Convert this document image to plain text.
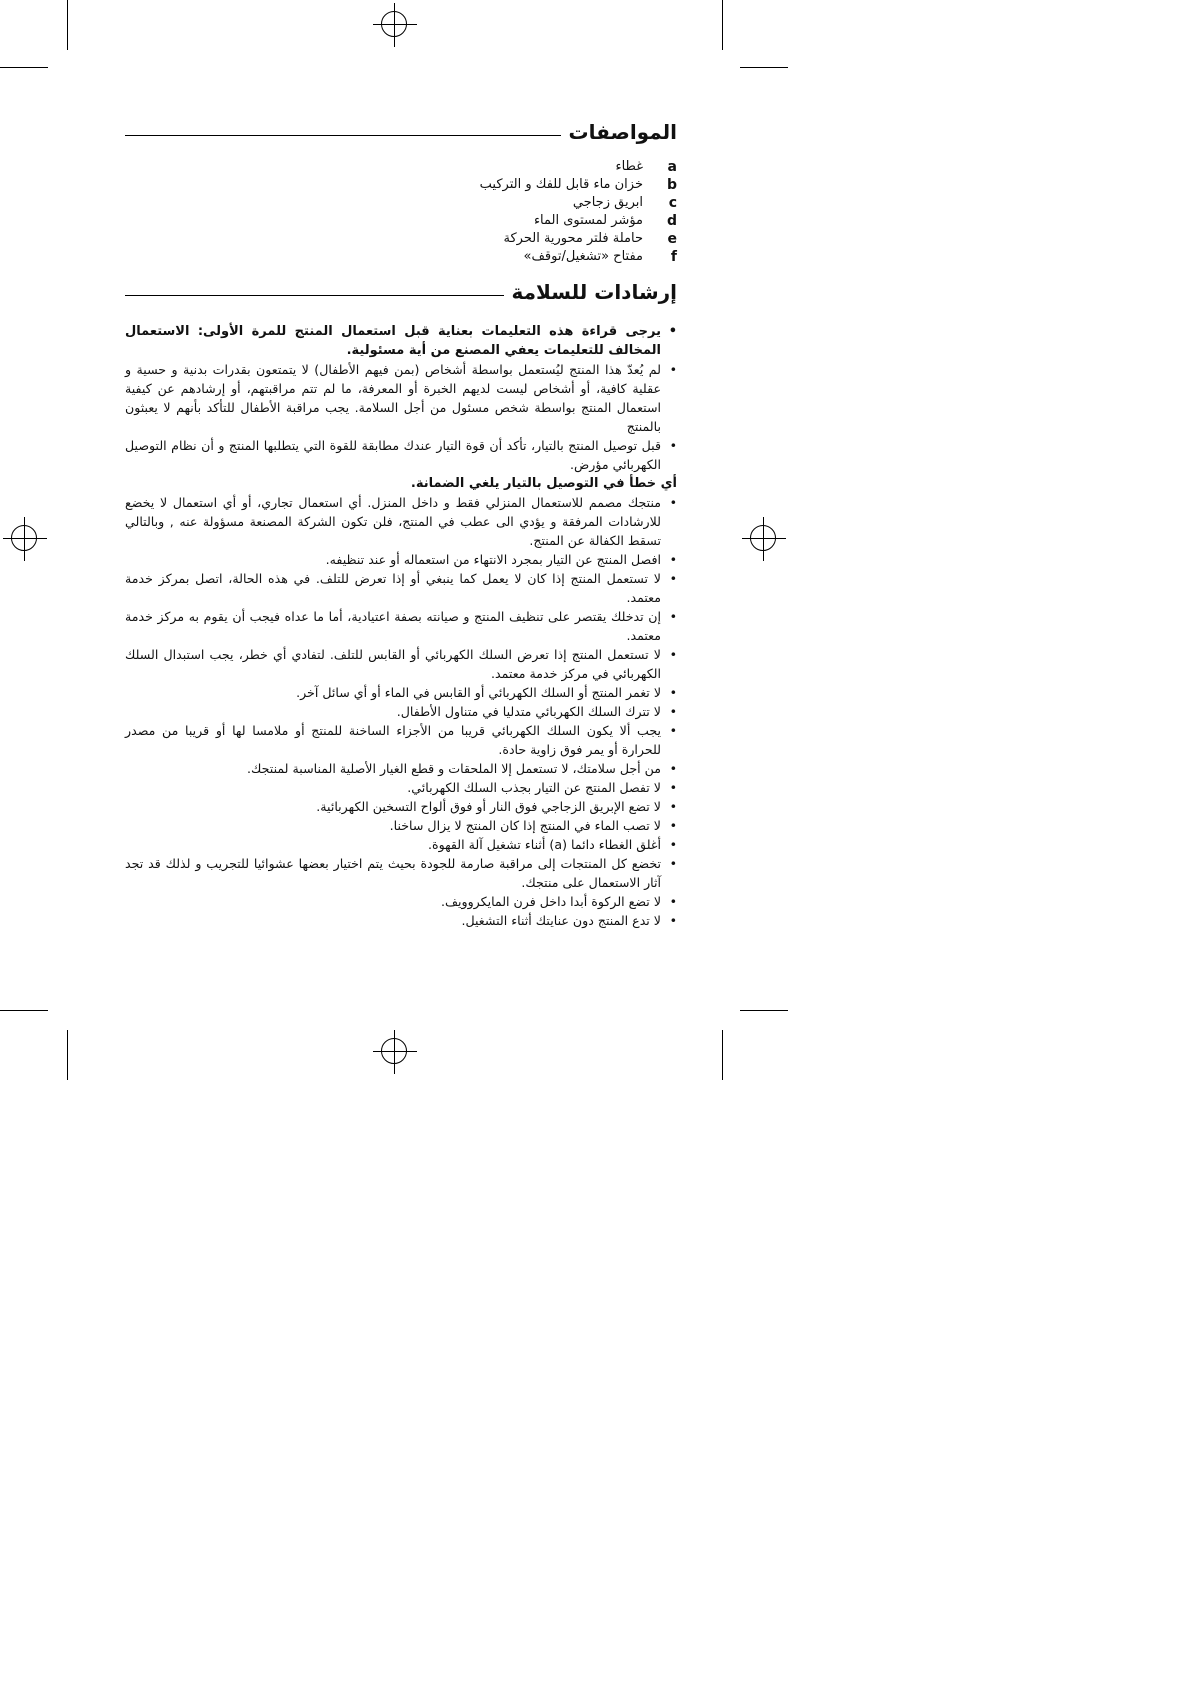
المواصفات
a
غطاء
b
خزان ماء قابل للفك و التركيب
c
ابريق زجاجي
d
مؤشر لمستوى الماء
e
حاملة فلتر محورية الحركة
f
مفتاح «تشغيل/توقف»
إرشادات للسلامة
• يرجى قراءة هذه التعليمات بعناية قبل استعمال المنتج للمرة الأولى: الاستعمال المخالف للتعليمات يعفي المصنع من أية مسئولية.
• لم يُعدّ هذا المنتج ليُستعمل بواسطة أشخاص (بمن فيهم الأطفال) لا يتمتعون بقدرات بدنية و حسية و عقلية كافية، أو أشخاص ليست لديهم الخبرة أو المعرفة، ما لم تتم مراقبتهم، أو إرشادهم عن كيفية استعمال المنتج بواسطة شخص مسئول من أجل السلامة. يجب مراقبة الأطفال للتأكد بأنهم لا يعبثون بالمنتج
• قبل توصيل المنتج بالتيار، تأكد أن قوة التيار عندك مطابقة للقوة التي يتطلبها المنتج و أن نظام التوصيل الكهربائي مؤرض.
أي خطأ في التوصيل بالتيار يلغي الضمانة.
• منتجك مصمم للاستعمال المنزلي فقط و داخل المنزل. أي استعمال تجاري، أو أي استعمال لا يخضع للارشادات المرفقة و يؤدي الى عطب في المنتج، فلن تكون الشركة المصنعة مسؤولة عنه , وبالتالي تسقط الكفالة عن المنتج.
• افصل المنتج عن التيار بمجرد الانتهاء من استعماله أو عند تنظيفه.
• لا تستعمل المنتج إذا كان لا يعمل كما ينبغي أو إذا تعرض للتلف. في هذه الحالة، اتصل بمركز خدمة معتمد.
• إن تدخلك يقتصر على تنظيف المنتج و صيانته بصفة اعتيادية، أما ما عداه فيجب أن يقوم به مركز خدمة معتمد.
• لا تستعمل المنتج إذا تعرض السلك الكهربائي أو القابس للتلف. لتفادي أي خطر، يجب استبدال السلك الكهربائي في مركز خدمة معتمد.
• لا تغمر المنتج أو السلك الكهربائي أو القابس في الماء أو أي سائل آخر.
• لا تترك السلك الكهربائي متدليا في متناول الأطفال.
• يجب ألا يكون السلك الكهربائي قريبا من الأجزاء الساخنة للمنتج أو ملامسا لها أو قريبا من مصدر للحرارة أو يمر فوق زاوية حادة.
• من أجل سلامتك، لا تستعمل إلا الملحقات و قطع الغيار الأصلية المناسبة لمنتجك.
• لا تفصل المنتج عن التيار بجذب السلك الكهربائي.
• لا تضع الإبريق الزجاجي فوق النار أو فوق ألواح التسخين الكهربائية.
• لا تصب الماء في المنتج إذا كان المنتج لا يزال ساخنا.
• أغلق الغطاء دائما (a) أثناء تشغيل آلة القهوة.
• تخضع كل المنتجات إلى مراقبة صارمة للجودة بحيث يتم اختيار بعضها عشوائيا للتجريب و لذلك قد تجد آثار الاستعمال على منتجك.
• لا تضع الركوة أبدا داخل فرن المايكروويف.
• لا تدع المنتج دون عنايتك أثناء التشغيل.
